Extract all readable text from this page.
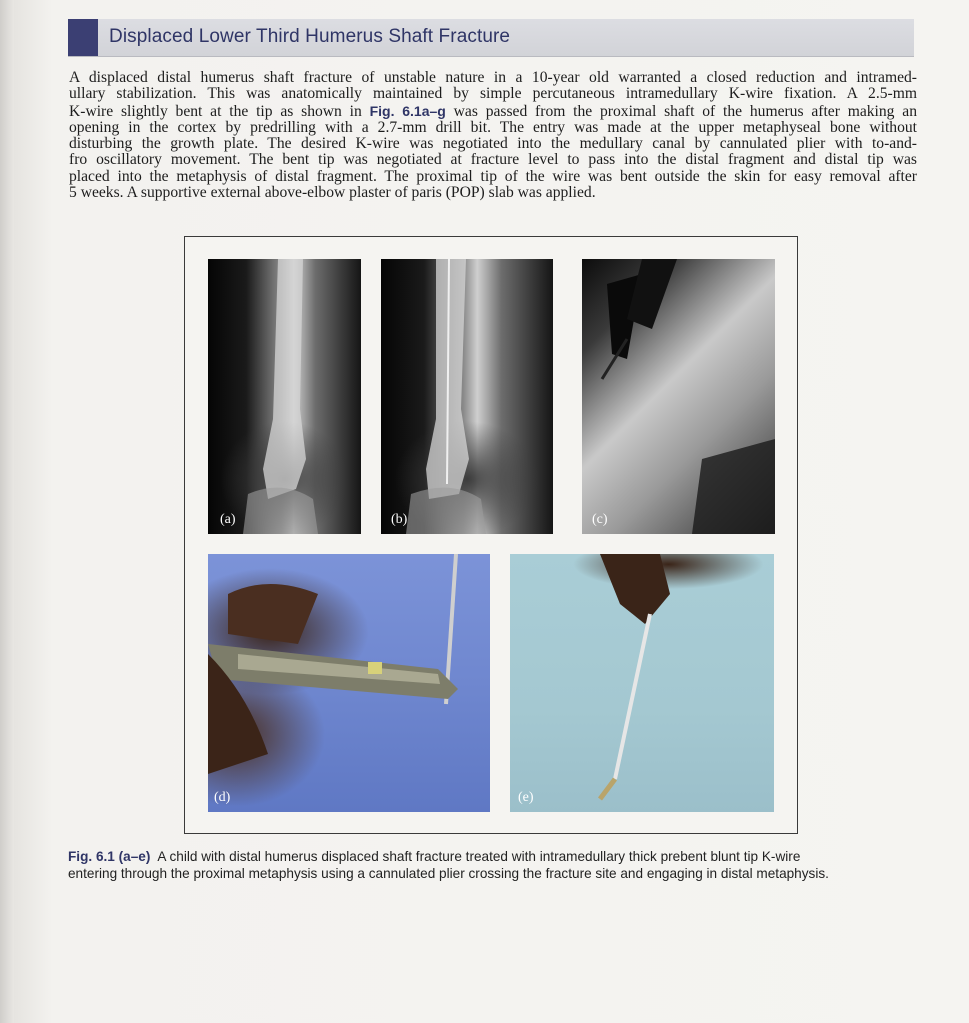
Displaced Lower Third Humerus Shaft Fracture
A displaced distal humerus shaft fracture of unstable nature in a 10-year old warranted a closed reduction and intramed-
ullary stabilization. This was anatomically maintained by simple percutaneous intramedullary K-wire fixation. A 2.5-mm
K-wire slightly bent at the tip as shown in Fig. 6.1a–g was passed from the proximal shaft of the humerus after making an
opening in the cortex by predrilling with a 2.7-mm drill bit. The entry was made at the upper metaphyseal bone without
disturbing the growth plate. The desired K-wire was negotiated into the medullary canal by cannulated plier with to-and-
fro oscillatory movement. The bent tip was negotiated at fracture level to pass into the distal fragment and distal tip was
placed into the metaphysis of distal fragment. The proximal tip of the wire was bent outside the skin for easy removal after
5 weeks. A supportive external above-elbow plaster of paris (POP) slab was applied.
(a)	(b)	(c)
(d)	(e)
Fig. 6.1 (a–e) A child with distal humerus displaced shaft fracture treated with intramedullary thick prebent blunt tip K-wire
entering through the proximal metaphysis using a cannulated plier crossing the fracture site and engaging in distal metaphysis.
